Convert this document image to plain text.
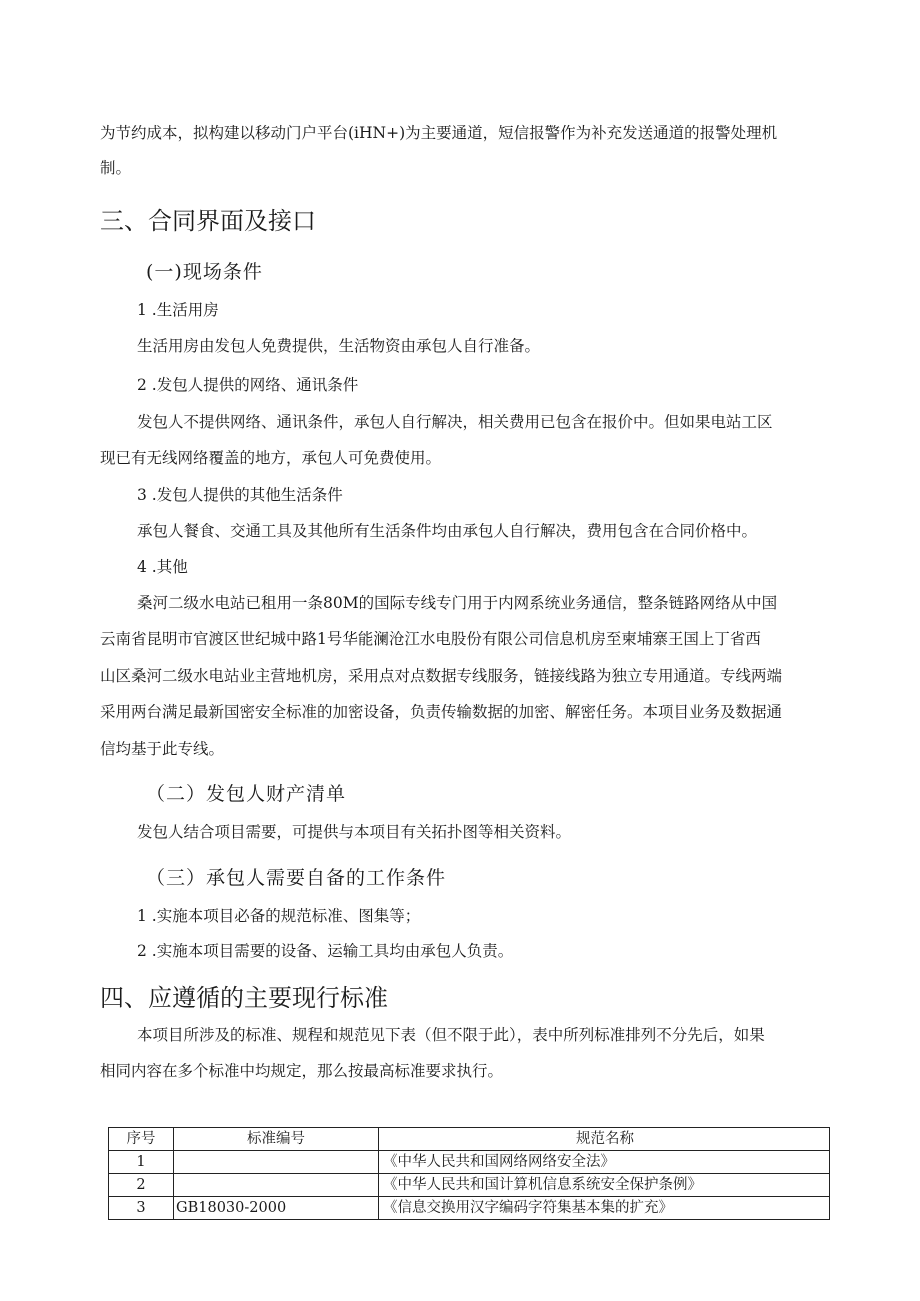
为节约成本，拟构建以移动门户平台(iHN+)为主要通道，短信报警作为补充发送通道的报警处理机
制。
三、合同界面及接口
(一)现场条件
1 .生活用房
生活用房由发包人免费提供，生活物资由承包人自行准备。
2 .发包人提供的网络、通讯条件
发包人不提供网络、通讯条件，承包人自行解决，相关费用已包含在报价中。但如果电站工区
现已有无线网络覆盖的地方，承包人可免费使用。
3 .发包人提供的其他生活条件
承包人餐食、交通工具及其他所有生活条件均由承包人自行解决，费用包含在合同价格中。
4 .其他
桑河二级水电站已租用一条80M的国际专线专门用于内网系统业务通信，整条链路网络从中国
云南省昆明市官渡区世纪城中路1号华能澜沧江水电股份有限公司信息机房至柬埔寨王国上丁省西
山区桑河二级水电站业主营地机房，采用点对点数据专线服务，链接线路为独立专用通道。专线两端
采用两台满足最新国密安全标准的加密设备，负责传输数据的加密、解密任务。本项目业务及数据通
信均基于此专线。
（二）发包人财产清单
发包人结合项目需要，可提供与本项目有关拓扑图等相关资料。
（三）承包人需要自备的工作条件
1 .实施本项目必备的规范标准、图集等；
2 .实施本项目需要的设备、运输工具均由承包人负责。
四、应遵循的主要现行标准
本项目所涉及的标准、规程和规范见下表（但不限于此），表中所列标准排列不分先后，如果
相同内容在多个标准中均规定，那么按最高标准要求执行。
序号	标准编号	规范名称
1		《中华人民共和国网络网络安全法》
2		《中华人民共和国计算机信息系统安全保护条例》
3	GB18030-2000	《信息交换用汉字编码字符集基本集的扩充》
